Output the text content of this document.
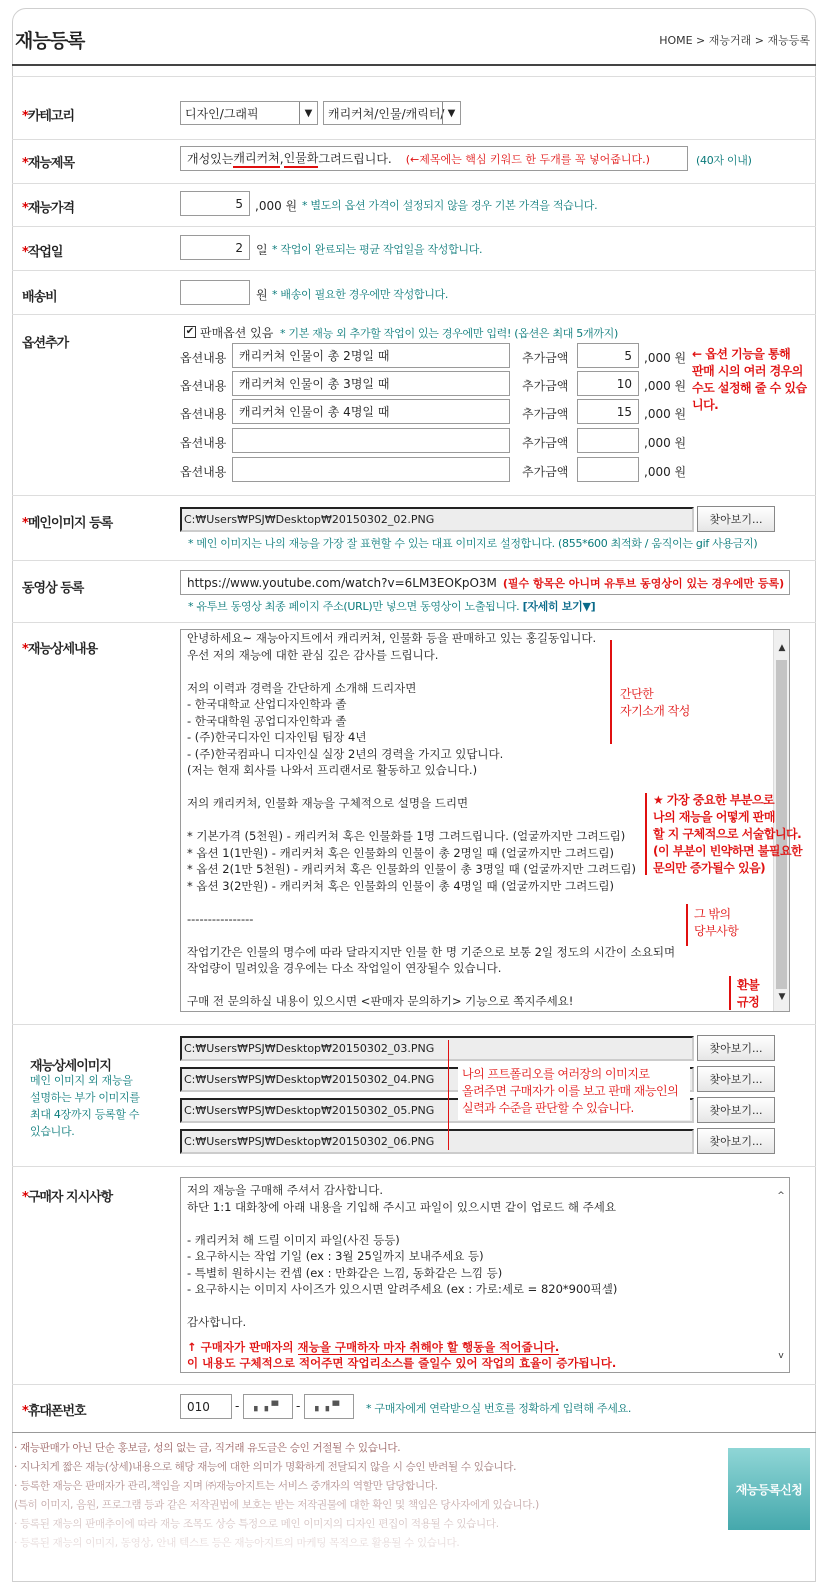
재능등록	HOME > 재능거래 > 재능등록
*카테고리	디자인/그래픽	▼	캐리커쳐/인물/캐릭터/ ▼
*재능제목	개성있는 캐리커쳐 , 인물화 그려드립니다. (←제목에는 핵심 키워드 한 두개를 꼭 넣어줍니다.)	(40자 이내)
*재능가격	5	,000 원 * 별도의 옵션 가격이 설정되지 않을 경우 기본 가격을 적습니다.
*작업일	2	일 * 작업이 완료되는 평균 작업일을 작성합니다.
배송비	원 * 배송이 필요한 경우에만 작성합니다.
옵션추가
✔ 판매옵션 있음 * 기본 재능 외 추가할 작업이 있는 경우에만 입력! (옵션은 최대 5개까지)
옵션내용	캐리커쳐 인물이 총 2명일 때	추가금액	5	,000 원
옵션내용	캐리커쳐 인물이 총 3명일 때	추가금액	10	,000 원
옵션내용	캐리커쳐 인물이 총 4명일 때	추가금액	15	,000 원
옵션내용	추가금액	,000 원
옵션내용	추가금액	,000 원
← 옵션 기능을 통해
판매 시의 여러 경우의
수도 설정해 줄 수 있습
니다.
*메인이미지 등록	C:₩Users₩PSJ₩Desktop₩20150302_02.PNG	찾아보기...
* 메인 이미지는 나의 재능을 가장 잘 표현할 수 있는 대표 이미지로 설정합니다. (855*600 최적화 / 움직이는 gif 사용금지)
동영상 등록	https://www.youtube.com/watch?v=6LM3EOKpO3M (필수 항목은 아니며 유투브 동영상이 있는 경우에만 등록)
* 유투브 동영상 최종 페이지 주소(URL)만 넣으면 동영상이 노출됩니다. [자세히 보기▼]
*재능상세내용

안녕하세요~ 재능아지트에서 캐리커쳐, 인물화 등을 판매하고 있는 홍길동입니다.

우선 저의 재능에 대한 관심 깊은 감사를 드립니다.

저의 이력과 경력을 간단하게 소개해 드리자면

- 한국대학교 산업디자인학과 졸

- 한국대학원 공업디자인학과 졸

- (주)한국디자인 디자인팀 팀장 4년

- (주)한국컴파니 디자인실 실장 2년의 경력을 가지고 있답니다.

(저는 현재 회사를 나와서 프리랜서로 활동하고 있습니다.)

저의 캐리커쳐, 인물화 재능을 구체적으로 설명을 드리면

* 기본가격 (5천원) - 캐리커쳐 혹은 인물화를 1명 그려드립니다. (얼굴까지만 그려드림)

* 옵션 1(1만원) - 캐리커쳐 혹은 인물화의 인물이 총 2명일 때 (얼굴까지만 그려드림)

* 옵션 2(1만 5천원) - 캐리커쳐 혹은 인물화의 인물이 총 3명일 때 (얼굴까지만 그려드림)

* 옵션 3(2만원) - 캐리커쳐 혹은 인물화의 인물이 총 4명일 때 (얼굴까지만 그려드림)

----------------

작업기간은 인물의 명수에 따라 달라지지만 인물 한 명 기준으로 보통 2일 정도의 시간이 소요되며

작업량이 밀려있을 경우에는 다소 작업일이 연장될수 있습니다.

구매 전 문의하실 내용이 있으시면 <판매자 문의하기> 기능으로 쪽지주세요!

▲
▼
간단한
자기소개 작성
★ 가장 중요한 부분으로
나의 재능을 어떻게 판매
할 지 구체적으로 서술합니다.
(이 부분이 빈약하면 불필요한
문의만 증가될수 있음)
그 밖의
당부사항
환불
규정
재능상세이미지
메인 이미지 외 재능을
설명하는 부가 이미지를
최대 4장까지 등록할 수
있습니다.
C:₩Users₩PSJ₩Desktop₩20150302_03.PNG	찾아보기...
C:₩Users₩PSJ₩Desktop₩20150302_04.PNG	찾아보기...
C:₩Users₩PSJ₩Desktop₩20150302_05.PNG	찾아보기...
C:₩Users₩PSJ₩Desktop₩20150302_06.PNG	찾아보기...
나의 프트폴리오를 여러장의 이미지로
올려주면 구매자가 이를 보고 판매 재능인의
실력과 수준을 판단할 수 있습니다.
*구매자 지시사항	저의 재능을 구매해 주셔서 감사합니다.

하단 1:1 대화창에 아래 내용을 기입해 주시고 파일이 있으시면 같이 업로드 해 주세요

- 캐리커쳐 해 드릴 이미지 파일(사진 등등)

- 요구하시는 작업 기일 (ex : 3월 25일까지 보내주세요 등)

- 특별히 원하시는 컨셉 (ex : 만화같은 느낌, 동화같은 느낌 등)

- 요구하시는 이미지 사이즈가 있으시면 알려주세요 (ex : 가로:세로 = 820*900픽셀)

감사합니다.

↑ 구매자가 판매자의 재능을 구매하자 마자 취해야 할 행동을 적어줍니다.

이 내용도 구체적으로 적어주면 작업리소스를 줄일수 있어 작업의 효율이 증가됩니다.

^
v
*휴대폰번호	010	-	▖▗▝▘	-	▖▗▝▘	* 구매자에게 연락받으실 번호를 정확하게 입력해 주세요.
· 재능판매가 아닌 단순 홍보글, 성의 없는 글, 직거래 유도글은 승인 거절될 수 있습니다.
· 지나치게 짧은 재능(상세)내용으로 해당 재능에 대한 의미가 명확하게 전달되지 않을 시 승인 반려될 수 있습니다.
· 등록한 재능은 판매자가 관리,책임을 지며 ㈜재능아지트는 서비스 중개자의 역할만 담당합니다.
(특히 이미지, 음원, 프로그램 등과 같은 저작권법에 보호는 받는 저작권물에 대한 확인 및 책임은 당사자에게 있습니다.)
· 등록된 재능의 판매추이에 따라 재능 조목도 상승 특정으로 메인 이미지의 디자인 편집이 적용될 수 있습니다.
· 등록된 재능의 이미지, 동영상, 안내 텍스트 등은 재능아지트의 마케팅 목적으로 활용될 수 있습니다.
재능등록신청
